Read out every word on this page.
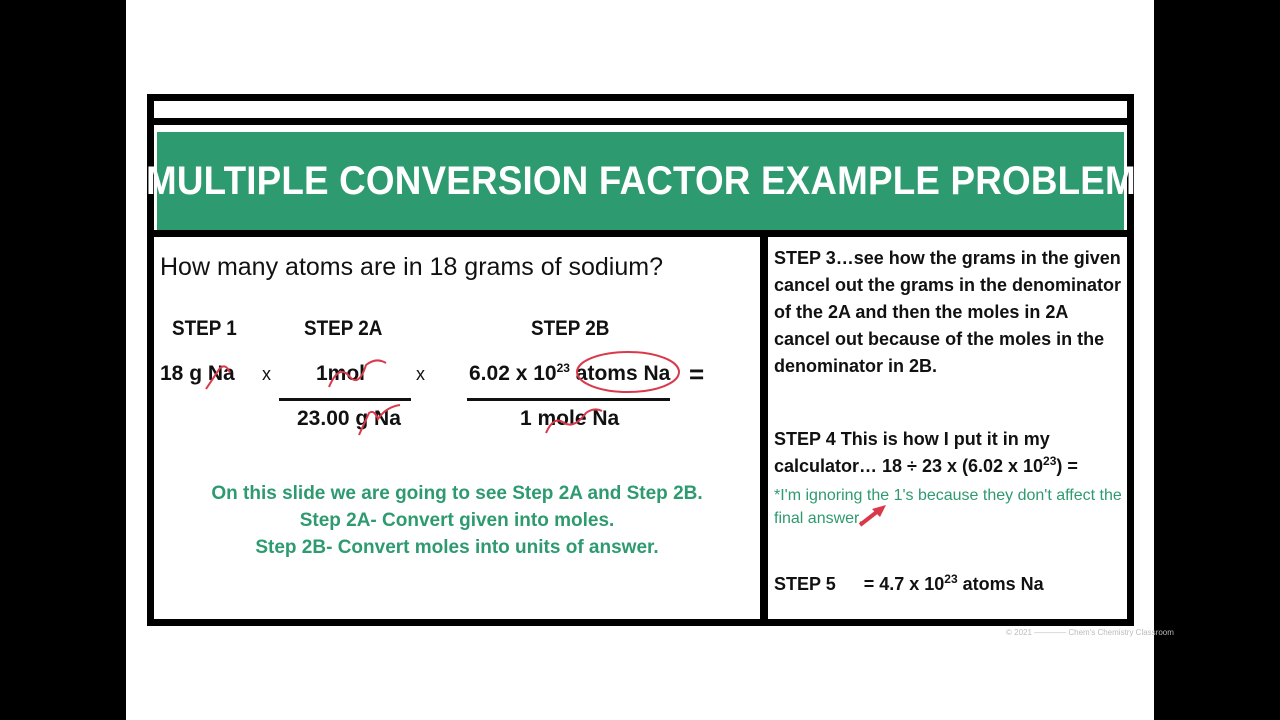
MULTIPLE CONVERSION FACTOR EXAMPLE PROBLEM
How many atoms are in 18 grams of sodium?
STEP 1	STEP 2A	STEP 2B
18 g Na x 1mol
23.00 g Na
x 6.02 x $10^{23}$ atoms Na
1 mole Na
=
On this slide we are going to see Step 2A and Step 2B.
Step 2A- Convert given into moles.
Step 2B- Convert moles into units of answer.
STEP 3…see how the grams in the given cancel out the grams in the denominator of the 2A and then the moles in 2A cancel out because of the moles in the denominator in 2B.
STEP 4 This is how I put it in my calculator… 18 ÷ 23 x (6.02 x $10^{23}$) =
*I'm ignoring the 1's because they don't affect the final answer.
STEP 5 = 4.7 x $10^{23}$ atoms Na
© 2021 ———— Chem's Chemistry Classroom
